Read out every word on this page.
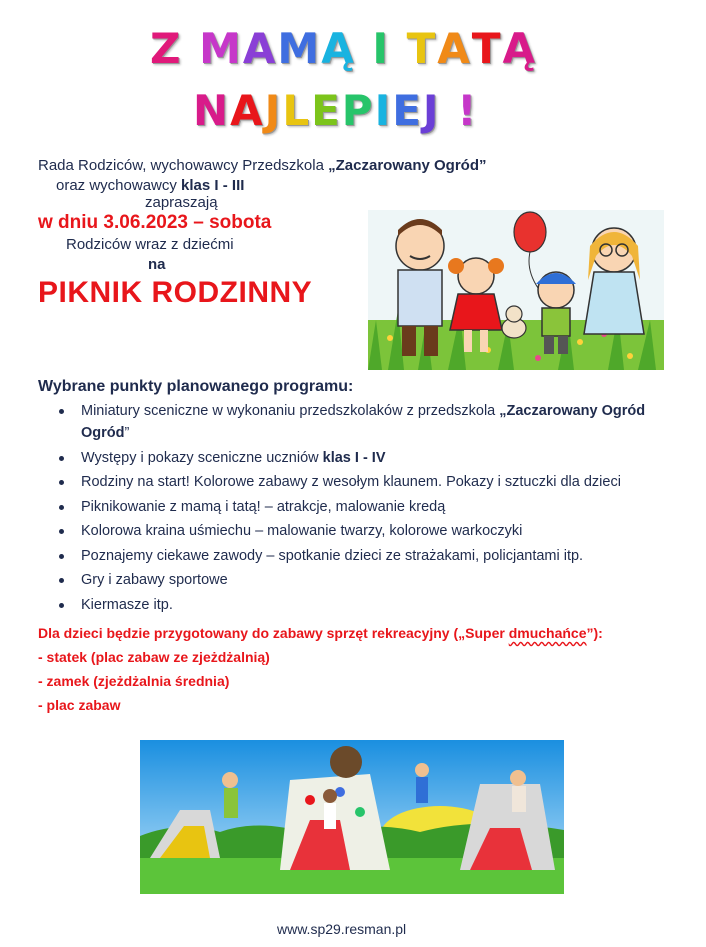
Z MAMĄ I TATĄ
NAJLEPIEJ !
Rada Rodziców, wychowawcy Przedszkola „Zaczarowany Ogród”
oraz wychowawcy klas I - III
zapraszają
w dniu 3.06.2023 – sobota
Rodziców wraz z dziećmi
na
PIKNIK RODZINNY
Wybrane punkty planowanego programu:
Miniatury sceniczne w wykonaniu przedszkolaków z przedszkola „Zaczarowany Ogród
Ogród”
Występy i pokazy sceniczne uczniów klas I - IV
Rodziny na start! Kolorowe zabawy z wesołym klaunem. Pokazy i sztuczki dla dzieci
Piknikowanie z mamą i tatą! – atrakcje, malowanie kredą
Kolorowa kraina uśmiechu – malowanie twarzy, kolorowe warkoczyki
Poznajemy ciekawe zawody – spotkanie dzieci ze strażakami, policjantami itp.
Gry i zabawy sportowe
Kiermasze itp.
Dla dzieci będzie przygotowany do zabawy sprzęt rekreacyjny („Super dmuchańce”):
- statek (plac zabaw ze zjeżdżalnią)
- zamek (zjeżdżalnia średnia)
- plac zabaw
www.sp29.resman.pl
